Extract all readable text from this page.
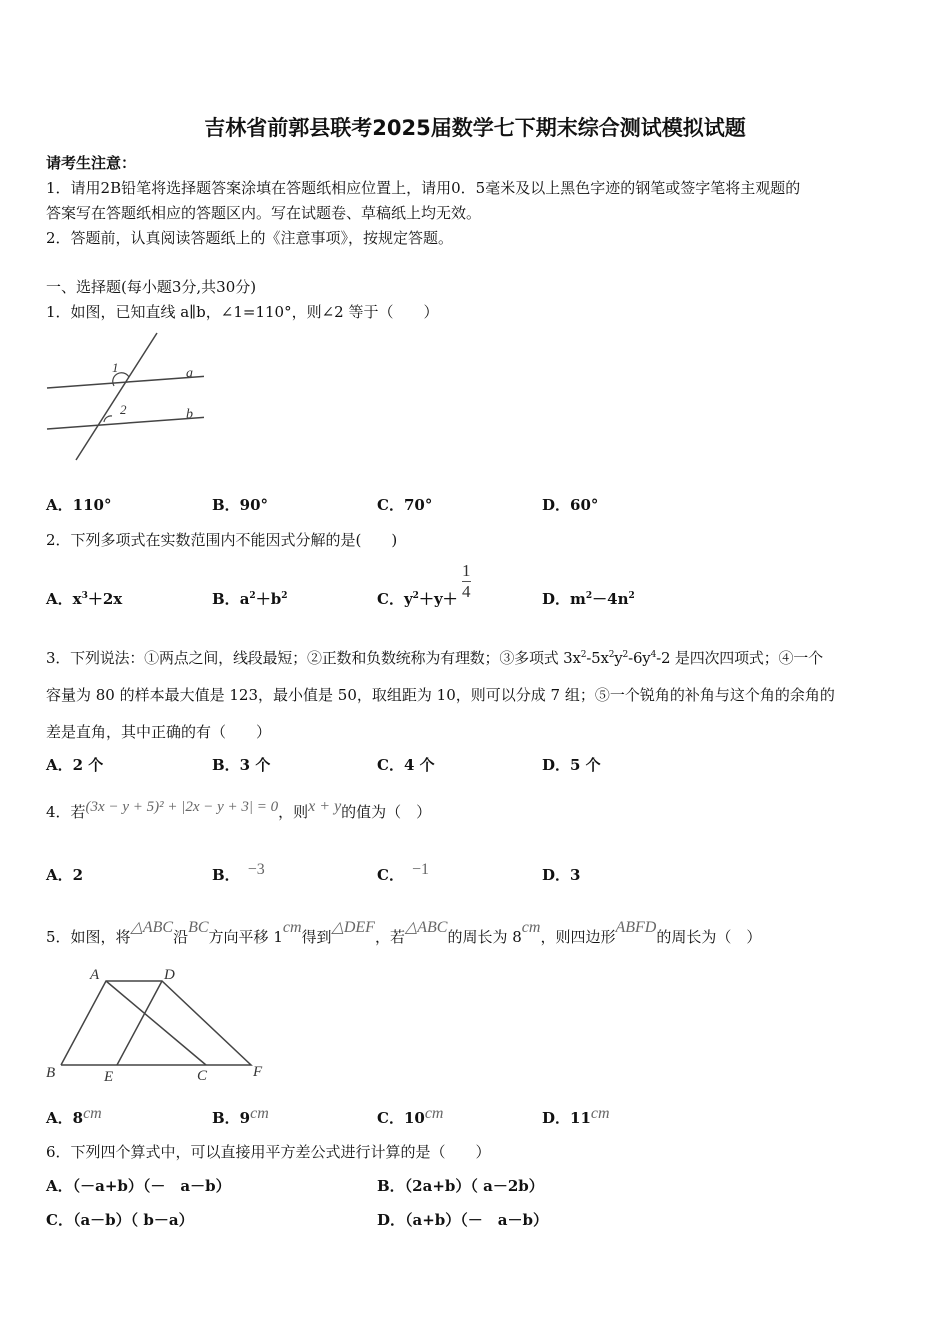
吉林省前郭县联考2025届数学七下期末综合测试模拟试题
请考生注意：
1．请用2B铅笔将选择题答案涂填在答题纸相应位置上，请用0．5毫米及以上黑色字迹的钢笔或签字笔将主观题的
答案写在答题纸相应的答题区内。写在试题卷、草稿纸上均无效。
2．答题前，认真阅读答题纸上的《注意事项》，按规定答题。
一、选择题(每小题3分,共30分)
1．如图，已知直线 a∥b，∠1=110°，则∠2 等于（　　）
1
2
a
b
A．110°	B．90°	C．70°	D．60°
2．下列多项式在实数范围内不能因式分解的是(　　)
A．$x^3+2x$	B．$a^2+b^2$	C．$y^2+y+$
1
4	D．$m^2-4n^2$
3．下列说法：①两点之间，线段最短；②正数和负数统称为有理数；③多项式 $3x^2-5x^2y^2-6y^4-2$ 是四次四项式；④一个
容量为 80 的样本最大值是 123，最小值是 50，取组距为 10，则可以分成 7 组；⑤一个锐角的补角与这个角的余角的
差是直角，其中正确的有（　　）
A．2 个	B．3 个	C．4 个	D．5 个
4．若(3x − y + 5)² + |2x − y + 3| = 0，则x + y的值为（　）
A．2	B． −3	C． −1	D．3
5．如图，将△ABC沿BC方向平移 1cm得到△DEF，若△ABC的周长为 8cm，则四边形ABFD的周长为（　）
A	D
B	E	C	F
A．8cm	B．9cm	C．10cm	D．11cm
6．下列四个算式中，可以直接用平方差公式进行计算的是（　　）
A．（－a+b）（－　a－b）	B．（2a+b）（ a－2b）
C．（a－b）（ b－a）	D．（a+b）（－　a－b）
